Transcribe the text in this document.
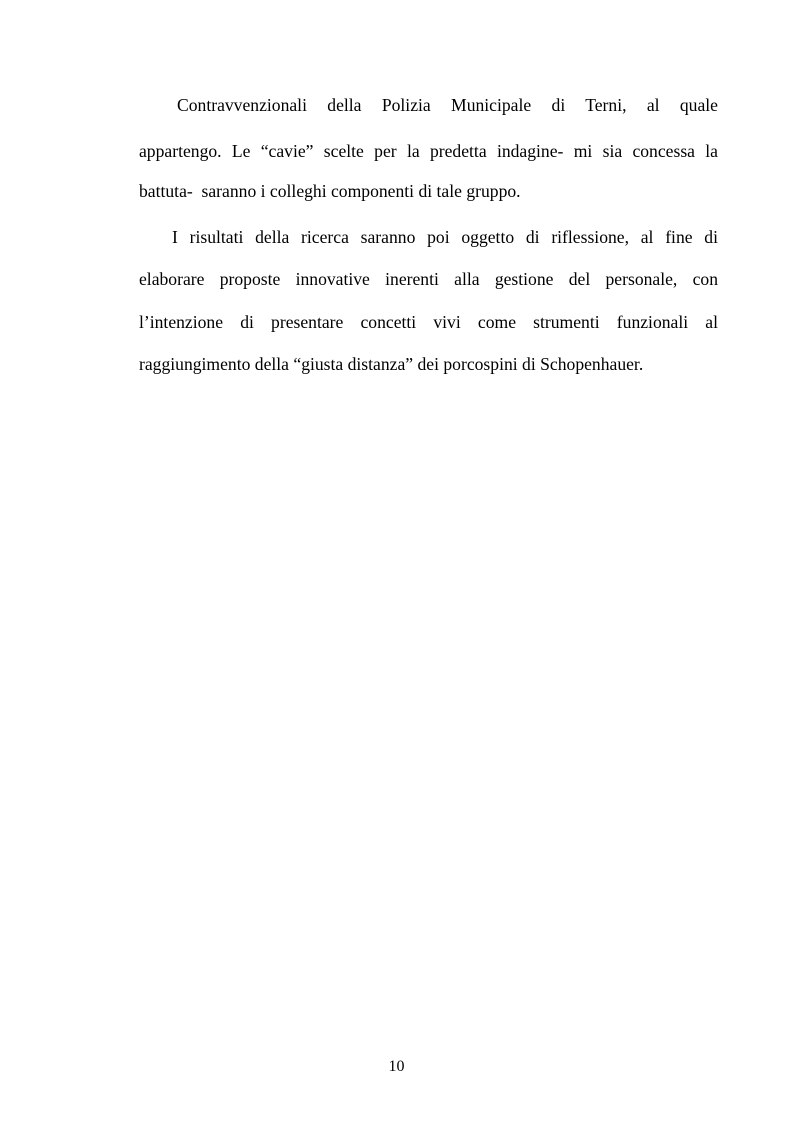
Contravvenzionali della Polizia Municipale di Terni, al quale
appartengo. Le “cavie” scelte per la predetta indagine- mi sia concessa la
battuta-  saranno i colleghi componenti di tale gruppo.
I risultati della ricerca saranno poi oggetto di riflessione, al fine di
elaborare proposte innovative inerenti alla gestione del personale, con
l’intenzione di presentare concetti vivi come strumenti funzionali al
raggiungimento della “giusta distanza” dei porcospini di Schopenhauer.
10
